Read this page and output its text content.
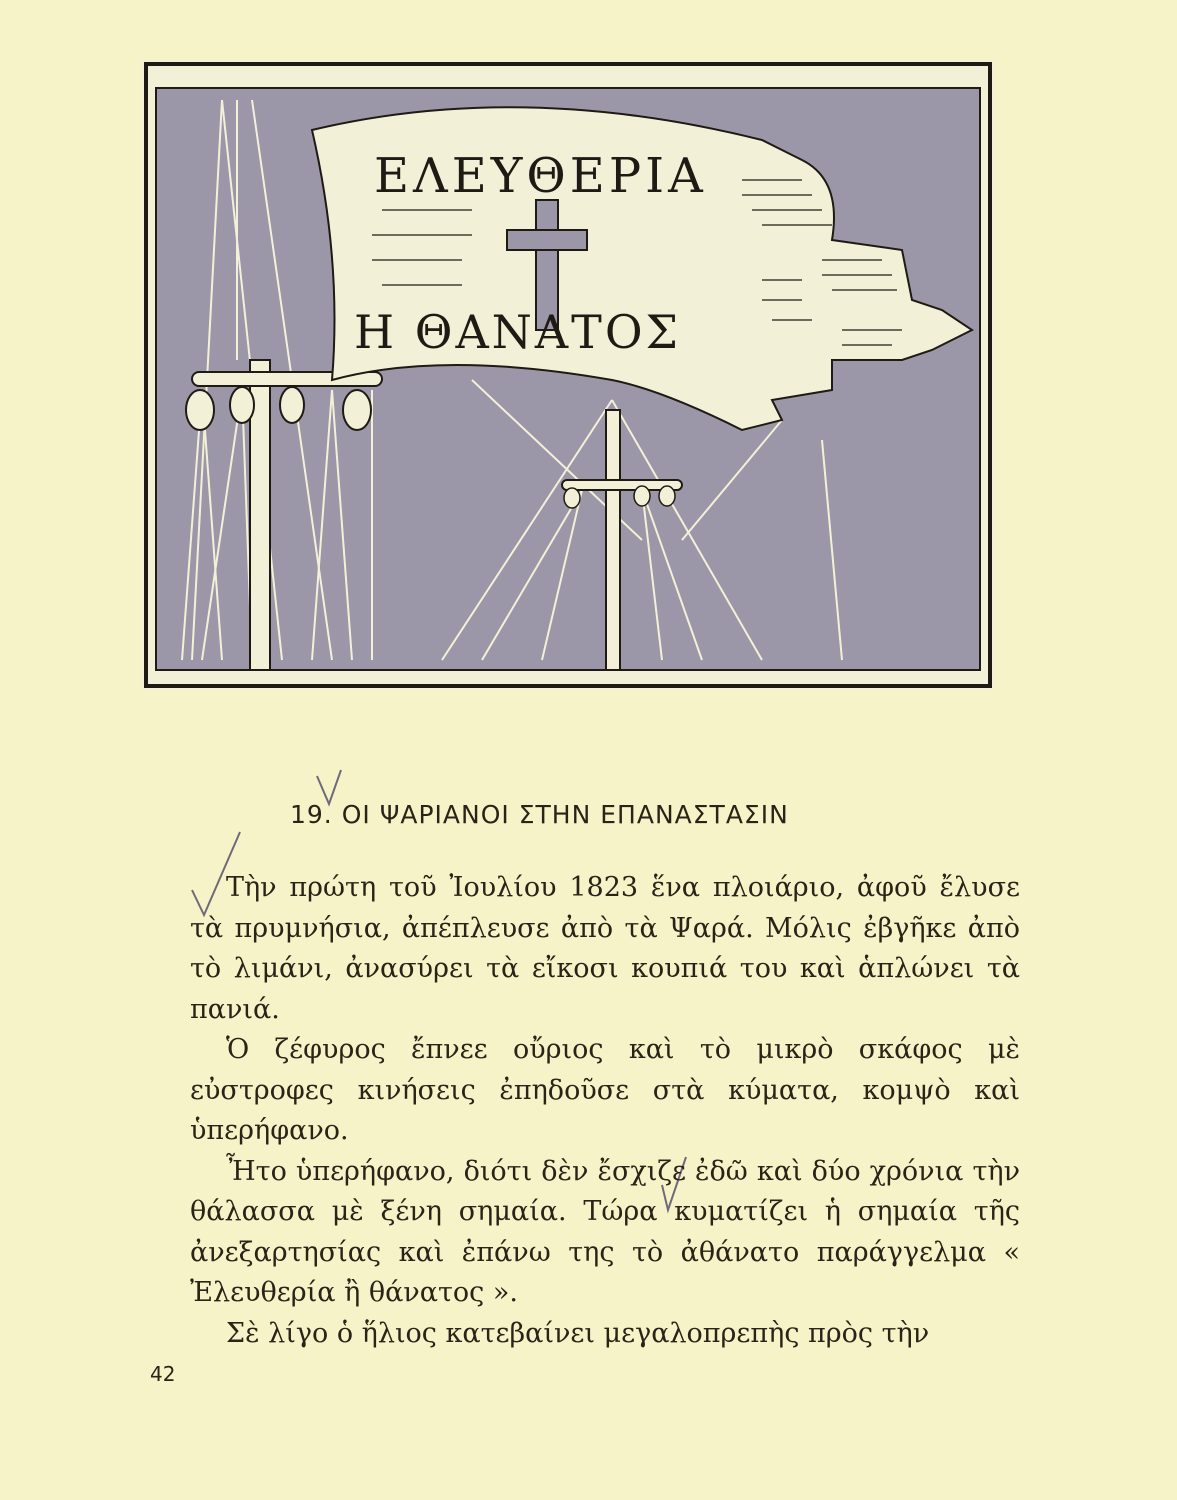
ΕΛΕΥΘΕΡΙΑ
Η ΘΑΝΑΤΟΣ
19. ΟΙ ΨΑΡΙΑΝΟΙ ΣΤΗΝ ΕΠΑΝΑΣΤΑΣΙΝ

Τὴν πρώτη τοῦ Ἰουλίου 1823 ἕνα πλοιάριο, ἀφοῦ ἔλυσε τὰ πρυμνήσια, ἀπέπλευσε ἀπὸ τὰ Ψαρά. Μόλις ἐβγῆκε ἀπὸ τὸ λιμάνι, ἀνασύρει τὰ εἴκοσι κουπιά του καὶ ἁπλώνει τὰ πανιά.

Ὁ ζέφυρος ἔπνεε οὔριος καὶ τὸ μικρὸ σκάφος μὲ εὐστροφες κινήσεις ἐπηδοῦσε στὰ κύματα, κομψὸ καὶ ὑπερήφανο.

Ἦτο ὑπερήφανο, διότι δὲν ἔσχιζε ἐδῶ καὶ δύο χρόνια τὴν θάλασσα μὲ ξένη σημαία. Τώρα κυματίζει ἡ σημαία τῆς ἀνεξαρτησίας καὶ ἐπάνω της τὸ ἀθάνατο παράγγελμα « Ἐλευθερία ἢ θάνατος ».

Σὲ λίγο ὁ ἥλιος κατεβαίνει μεγαλοπρεπὴς πρὸς τὴν

42
